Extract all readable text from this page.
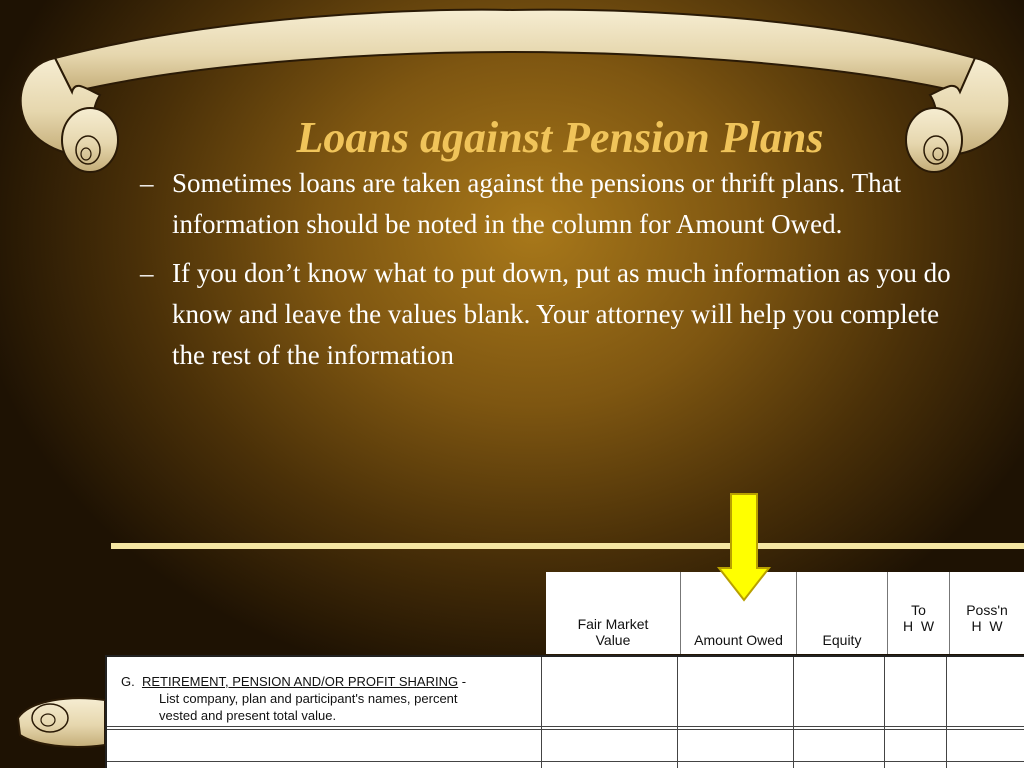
Loans against Pension Plans
– Sometimes loans are taken against the pensions or thrift plans. That information should be noted in the column for Amount Owed.
– If you don’t know what to put down, put as much information as you do know and leave the values blank. Your attorney will help you complete the rest of the information
Fair Market Value	Amount Owed	Equity
To
H  W
Poss'n
H  W
G. RETIREMENT, PENSION AND/OR PROFIT SHARING -
List company, plan and participant's names, percent
vested and present total value.
